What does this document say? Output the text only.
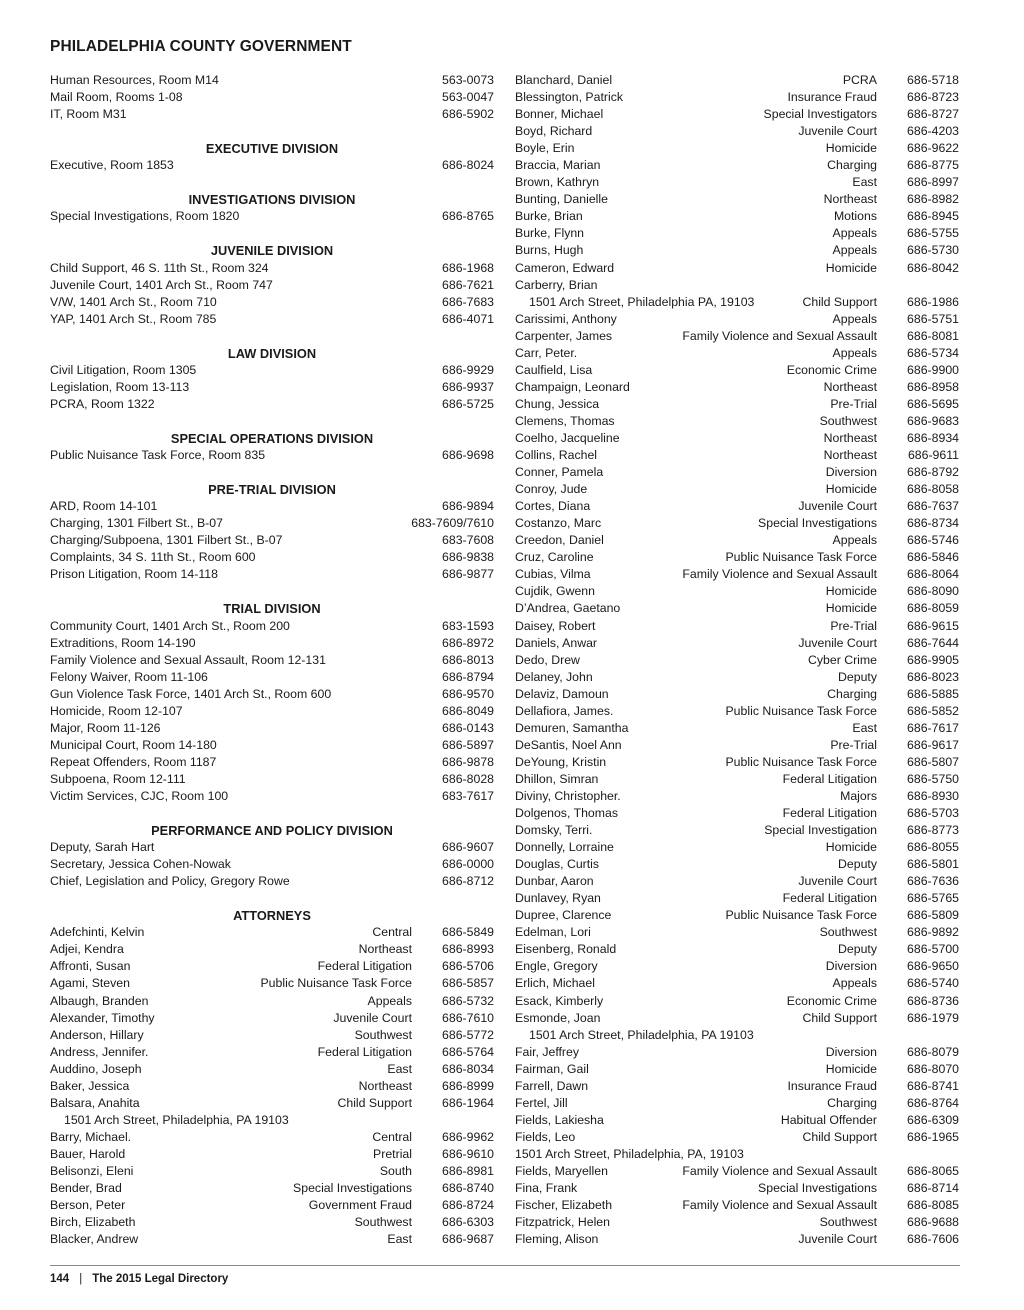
PHILADELPHIA COUNTY GOVERNMENT
Human Resources, Room M14	563-0073
Mail Room, Rooms 1-08	563-0047
IT, Room M31	686-5902
EXECUTIVE DIVISION
Executive, Room 1853	686-8024
INVESTIGATIONS DIVISION
Special Investigations, Room 1820	686-8765
JUVENILE DIVISION
Child Support, 46 S. 11th St., Room 324	686-1968
Juvenile Court, 1401 Arch St., Room 747	686-7621
V/W, 1401 Arch St., Room 710	686-7683
YAP, 1401 Arch St., Room 785	686-4071
LAW DIVISION
Civil Litigation, Room 1305	686-9929
Legislation, Room 13-113	686-9937
PCRA, Room 1322	686-5725
SPECIAL OPERATIONS DIVISION
Public Nuisance Task Force, Room 835	686-9698
PRE-TRIAL DIVISION
ARD, Room 14-101	686-9894
Charging, 1301 Filbert St., B-07	683-7609/7610
Charging/Subpoena, 1301 Filbert St., B-07	683-7608
Complaints, 34 S. 11th St., Room 600	686-9838
Prison Litigation, Room 14-118	686-9877
TRIAL DIVISION
Community Court, 1401 Arch St., Room 200	683-1593
Extraditions, Room 14-190	686-8972
Family Violence and Sexual Assault, Room 12-131	686-8013
Felony Waiver, Room 11-106	686-8794
Gun Violence Task Force, 1401 Arch St., Room 600	686-9570
Homicide, Room 12-107	686-8049
Major, Room 11-126	686-0143
Municipal Court, Room 14-180	686-5897
Repeat Offenders, Room 1187	686-9878
Subpoena, Room 12-111	686-8028
Victim Services, CJC, Room 100	683-7617
PERFORMANCE AND POLICY DIVISION
Deputy, Sarah Hart	686-9607
Secretary, Jessica Cohen-Nowak	686-0000
Chief, Legislation and Policy, Gregory Rowe	686-8712
ATTORNEYS
Adefchinti, Kelvin	Central	686-5849
Adjei, Kendra	Northeast	686-8993
Affronti, Susan	Federal Litigation	686-5706
Agami, Steven	Public Nuisance Task Force	686-5857
Albaugh, Branden	Appeals	686-5732
Alexander, Timothy	Juvenile Court	686-7610
Anderson, Hillary	Southwest	686-5772
Andress, Jennifer.	Federal Litigation	686-5764
Auddino, Joseph	East	686-8034
Baker, Jessica	Northeast	686-8999
Balsara, Anahita	Child Support	686-1964
1501 Arch Street, Philadelphia, PA 19103
Barry, Michael.	Central	686-9962
Bauer, Harold	Pretrial	686-9610
Belisonzi, Eleni	South	686-8981
Bender, Brad	Special Investigations	686-8740
Berson, Peter	Government Fraud	686-8724
Birch, Elizabeth	Southwest	686-6303
Blacker, Andrew	East	686-9687
Blanchard, Daniel	PCRA	686-5718
Blessington, Patrick	Insurance Fraud	686-8723
Bonner, Michael	Special Investigators	686-8727
Boyd, Richard	Juvenile Court	686-4203
Boyle, Erin	Homicide	686-9622
Braccia, Marian	Charging	686-8775
Brown, Kathryn	East	686-8997
Bunting, Danielle	Northeast	686-8982
Burke, Brian	Motions	686-8945
Burke, Flynn	Appeals	686-5755
Burns, Hugh	Appeals	686-5730
Cameron, Edward	Homicide	686-8042
Carberry, Brian
1501 Arch Street, Philadelphia PA, 19103	Child Support	686-1986
Carissimi, Anthony	Appeals	686-5751
Carpenter, James	Family Violence and Sexual Assault	686-8081
Carr, Peter.	Appeals	686-5734
Caulfield, Lisa	Economic Crime	686-9900
Champaign, Leonard	Northeast	686-8958
Chung, Jessica	Pre-Trial	686-5695
Clemens, Thomas	Southwest	686-9683
Coelho, Jacqueline	Northeast	686-8934
Collins, Rachel	Northeast	686-9611
Conner, Pamela	Diversion	686-8792
Conroy, Jude	Homicide	686-8058
Cortes, Diana	Juvenile Court	686-7637
Costanzo, Marc	Special Investigations	686-8734
Creedon, Daniel	Appeals	686-5746
Cruz, Caroline	Public Nuisance Task Force	686-5846
Cubias, Vilma	Family Violence and Sexual Assault	686-8064
Cujdik, Gwenn	Homicide	686-8090
D’Andrea, Gaetano	Homicide	686-8059
Daisey, Robert	Pre-Trial	686-9615
Daniels, Anwar	Juvenile Court	686-7644
Dedo, Drew	Cyber Crime	686-9905
Delaney, John	Deputy	686-8023
Delaviz, Damoun	Charging	686-5885
Dellafiora, James.	Public Nuisance Task Force	686-5852
Demuren, Samantha	East	686-7617
DeSantis, Noel Ann	Pre-Trial	686-9617
DeYoung, Kristin	Public Nuisance Task Force	686-5807
Dhillon, Simran	Federal Litigation	686-5750
Diviny, Christopher.	Majors	686-8930
Dolgenos, Thomas	Federal Litigation	686-5703
Domsky, Terri.	Special Investigation	686-8773
Donnelly, Lorraine	Homicide	686-8055
Douglas, Curtis	Deputy	686-5801
Dunbar, Aaron	Juvenile Court	686-7636
Dunlavey, Ryan	Federal Litigation	686-5765
Dupree, Clarence	Public Nuisance Task Force	686-5809
Edelman, Lori	Southwest	686-9892
Eisenberg, Ronald	Deputy	686-5700
Engle, Gregory	Diversion	686-9650
Erlich, Michael	Appeals	686-5740
Esack, Kimberly	Economic Crime	686-8736
Esmonde, Joan	Child Support	686-1979
1501 Arch Street, Philadelphia, PA 19103
Fair, Jeffrey	Diversion	686-8079
Fairman, Gail	Homicide	686-8070
Farrell, Dawn	Insurance Fraud	686-8741
Fertel, Jill	Charging	686-8764
Fields, Lakiesha	Habitual Offender	686-6309
Fields, Leo	Child Support	686-1965
1501 Arch Street, Philadelphia, PA, 19103
Fields, Maryellen	Family Violence and Sexual Assault	686-8065
Fina, Frank	Special Investigations	686-8714
Fischer, Elizabeth	Family Violence and Sexual Assault	686-8085
Fitzpatrick, Helen	Southwest	686-9688
Fleming, Alison	Juvenile Court	686-7606
144 | The 2015 Legal Directory
